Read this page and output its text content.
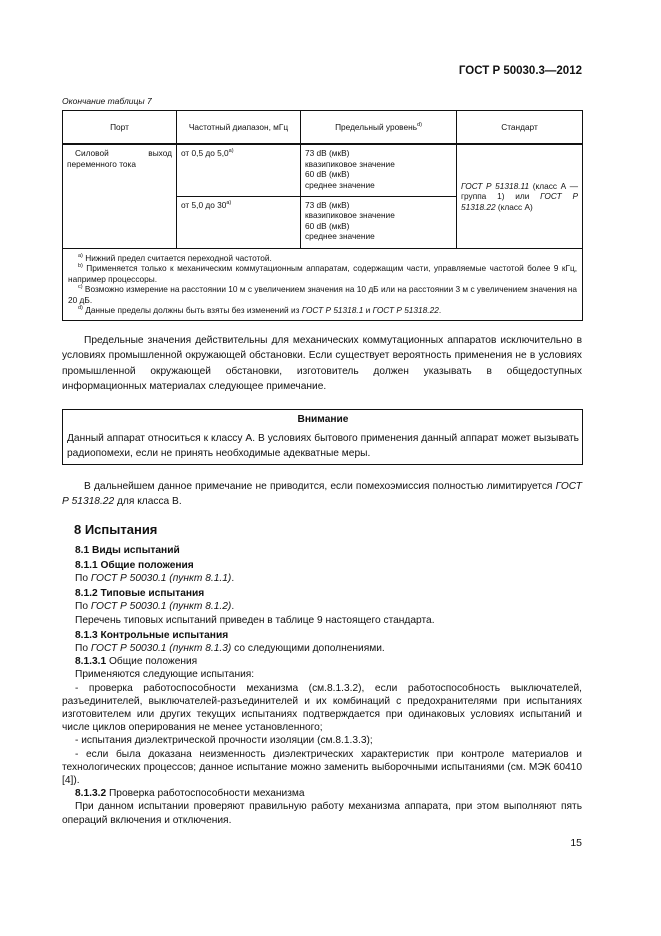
ГОСТ Р 50030.3—2012
Окончание таблицы 7
Порт	Частотный диапазон, мГц	Предельный уровень$^{d)}$	Стандарт
Силовой выход переменного тока	от 0,5 до 5,0$^{a)}$	73 dB (мкВ)
квазипиковое значение
60 dB (мкВ)
среднее значение	ГОСТ Р 51318.11 (класс А — группа 1) или ГОСТ Р 51318.22 (класс А)
	от 5,0 до 30$^{a)}$	73 dB (мкВ)
квазипиковое значение
60 dB (мкВ)
среднее значение	

$^{a)}$ Нижний предел считается переходной частотой.

$^{b)}$ Применяется только к механическим коммутационным аппаратам, содержащим части, управляемые частотой более 9 кГц, например процессоры.

$^{c)}$ Возможно измерение на расстоянии 10 м с увеличением значения на 10 дБ или на расстоянии 3 м с увеличением значения на 20 дБ.

$^{d)}$ Данные пределы должны быть взяты без изменений из ГОСТ Р 51318.1 и ГОСТ Р 51318.22.			

Предельные значения действительны для механических коммутационных аппаратов исключительно в условиях промышленной окружающей обстановки. Если существует вероятность применения не в условиях промышленной окружающей обстановки, изготовитель должен указывать в общедоступных информационных материалах следующее примечание.

Внимание

Данный аппарат относиться к классу А. В условиях бытового применения данный аппарат может вызывать радиопомехи, если не принять необходимые адекватные меры.

В дальнейшем данное примечание не приводится, если помехоэмиссия полностью лимитируется ГОСТ Р 51318.22 для класса В.

8 Испытания
8.1 Виды испытаний
8.1.1 Общие положения
По ГОСТ Р 50030.1 (пункт 8.1.1).
8.1.2 Типовые испытания
По ГОСТ Р 50030.1 (пункт 8.1.2).
Перечень типовых испытаний приведен в таблице 9 настоящего стандарта.
8.1.3 Контрольные испытания
По ГОСТ Р 50030.1 (пункт 8.1.3) со следующими дополнениями.
8.1.3.1 Общие положения
Применяются следующие испытания:
- проверка работоспособности механизма (см.8.1.3.2), если работоспособность выключателей, разъединителей, выключателей-разъединителей и их комбинаций с предохранителями при испытаниях изготовителем или других текущих испытаниях подтверждается при одинаковых условиях испытаний и числе циклов оперирования не менее установленного;
- испытания диэлектрической прочности изоляции (см.8.1.3.3);
- если была доказана неизменность диэлектрических характеристик при контроле материалов и технологических процессов; данное испытание можно заменить выборочными испытаниями (см. МЭК 60410 [4]).
8.1.3.2 Проверка работоспособности механизма
При данном испытании проверяют правильную работу механизма аппарата, при этом выполняют пять операций включения и отключения.
15
